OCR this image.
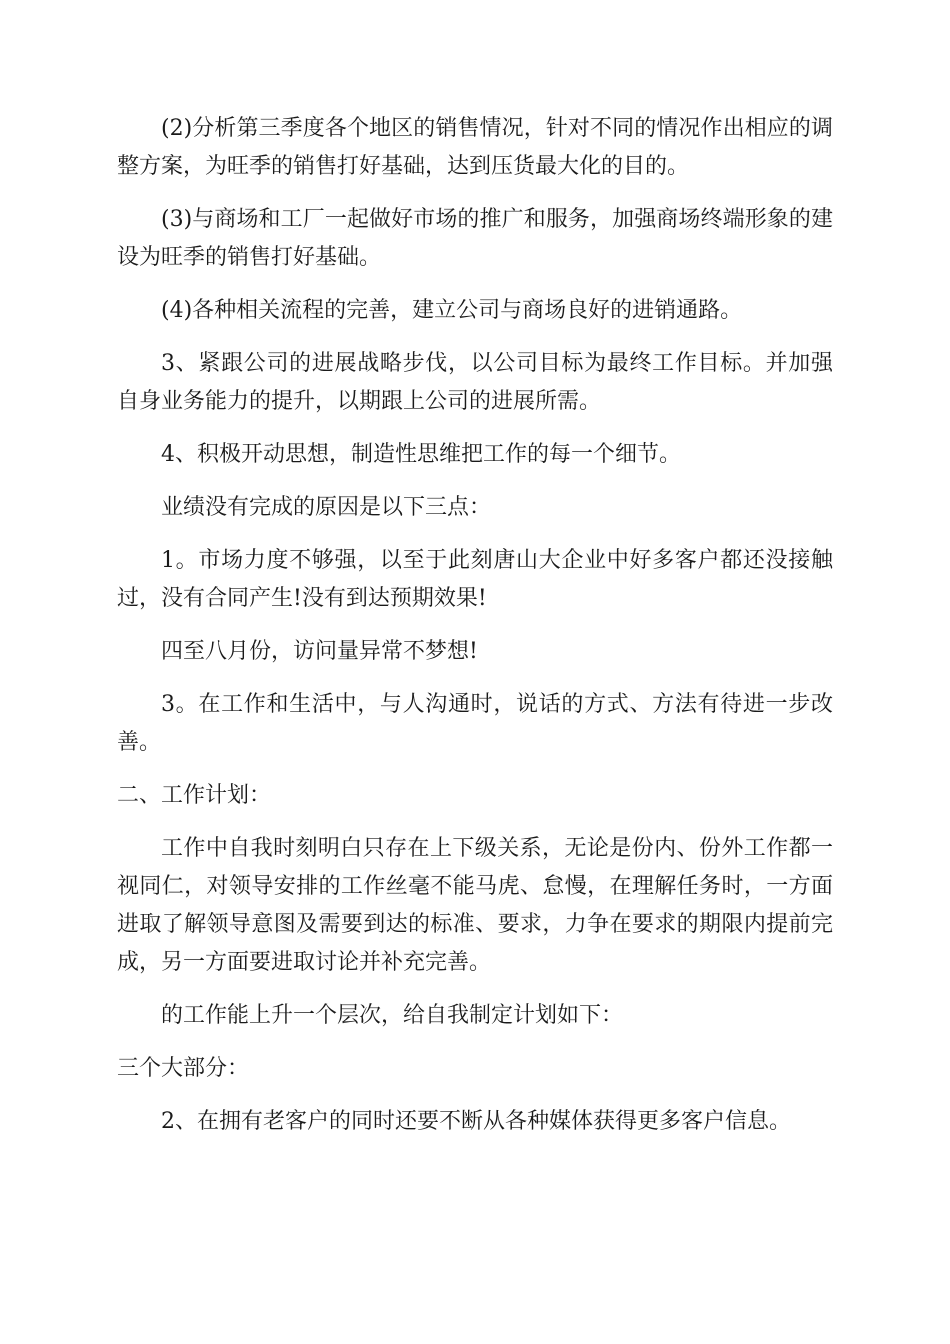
(2)分析第三季度各个地区的销售情况，针对不同的情况作出相应的调整方案，为旺季的销售打好基础，达到压货最大化的目的。

(3)与商场和工厂一起做好市场的推广和服务，加强商场终端形象的建设为旺季的销售打好基础。

(4)各种相关流程的完善，建立公司与商场良好的进销通路。

3、紧跟公司的进展战略步伐，以公司目标为最终工作目标。并加强自身业务能力的提升，以期跟上公司的进展所需。

4、积极开动思想，制造性思维把工作的每一个细节。

业绩没有完成的原因是以下三点：

1。市场力度不够强，以至于此刻唐山大企业中好多客户都还没接触过，没有合同产生!没有到达预期效果!

四至八月份，访问量异常不梦想!

3。在工作和生活中，与人沟通时，说话的方式、方法有待进一步改善。

二、工作计划：

工作中自我时刻明白只存在上下级关系，无论是份内、份外工作都一视同仁，对领导安排的工作丝毫不能马虎、怠慢，在理解任务时，一方面进取了解领导意图及需要到达的标准、要求，力争在要求的期限内提前完成，另一方面要进取讨论并补充完善。

的工作能上升一个层次，给自我制定计划如下：

三个大部分：

2、在拥有老客户的同时还要不断从各种媒体获得更多客户信息。
